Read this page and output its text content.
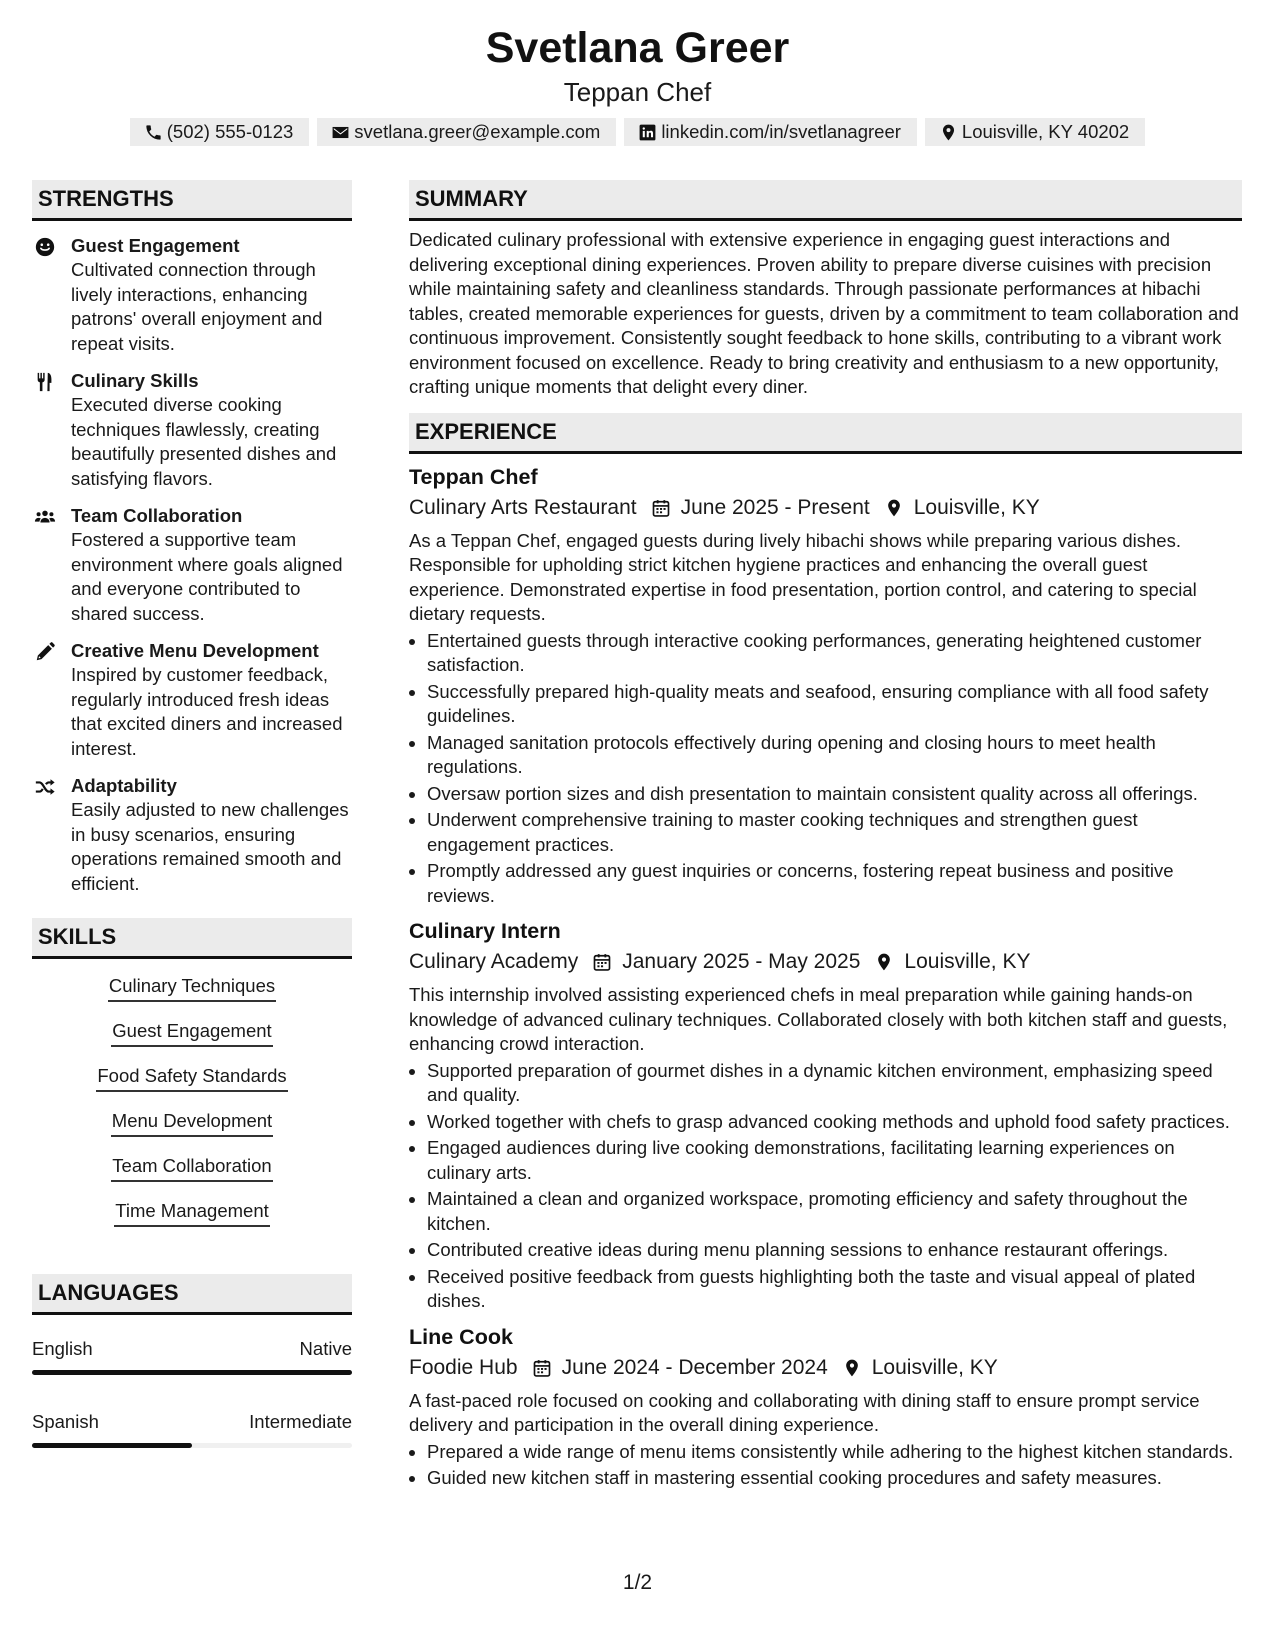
Svetlana Greer
Teppan Chef
(502) 555-0123	svetlana.greer@example.com	linkedin.com/in/svetlanagreer	Louisville, KY 40202
STRENGTHS
Guest Engagement
Cultivated connection through lively interactions, enhancing patrons' overall enjoyment and repeat visits.
Culinary Skills
Executed diverse cooking techniques flawlessly, creating beautifully presented dishes and satisfying flavors.
Team Collaboration
Fostered a supportive team environment where goals aligned and everyone contributed to shared success.
Creative Menu Development
Inspired by customer feedback, regularly introduced fresh ideas that excited diners and increased interest.
Adaptability
Easily adjusted to new challenges in busy scenarios, ensuring operations remained smooth and efficient.
SKILLS
Culinary Techniques
Guest Engagement
Food Safety Standards
Menu Development
Team Collaboration
Time Management
LANGUAGES
English	Native
Spanish	Intermediate
SUMMARY
Dedicated culinary professional with extensive experience in engaging guest interactions and delivering exceptional dining experiences. Proven ability to prepare diverse cuisines with precision while maintaining safety and cleanliness standards. Through passionate performances at hibachi tables, created memorable experiences for guests, driven by a commitment to team collaboration and continuous improvement. Consistently sought feedback to hone skills, contributing to a vibrant work environment focused on excellence. Ready to bring creativity and enthusiasm to a new opportunity, crafting unique moments that delight every diner.
EXPERIENCE
Teppan Chef
Culinary Arts Restaurant June 2025 - Present Louisville, KY
As a Teppan Chef, engaged guests during lively hibachi shows while preparing various dishes. Responsible for upholding strict kitchen hygiene practices and enhancing the overall guest experience. Demonstrated expertise in food presentation, portion control, and catering to special dietary requests.
• Entertained guests through interactive cooking performances, generating heightened customer satisfaction.
• Successfully prepared high-quality meats and seafood, ensuring compliance with all food safety guidelines.
• Managed sanitation protocols effectively during opening and closing hours to meet health regulations.
• Oversaw portion sizes and dish presentation to maintain consistent quality across all offerings.
• Underwent comprehensive training to master cooking techniques and strengthen guest engagement practices.
• Promptly addressed any guest inquiries or concerns, fostering repeat business and positive reviews.
Culinary Intern
Culinary Academy January 2025 - May 2025 Louisville, KY
This internship involved assisting experienced chefs in meal preparation while gaining hands-on knowledge of advanced culinary techniques. Collaborated closely with both kitchen staff and guests, enhancing crowd interaction.
• Supported preparation of gourmet dishes in a dynamic kitchen environment, emphasizing speed and quality.
• Worked together with chefs to grasp advanced cooking methods and uphold food safety practices.
• Engaged audiences during live cooking demonstrations, facilitating learning experiences on culinary arts.
• Maintained a clean and organized workspace, promoting efficiency and safety throughout the kitchen.
• Contributed creative ideas during menu planning sessions to enhance restaurant offerings.
• Received positive feedback from guests highlighting both the taste and visual appeal of plated dishes.
Line Cook
Foodie Hub June 2024 - December 2024 Louisville, KY
A fast-paced role focused on cooking and collaborating with dining staff to ensure prompt service delivery and participation in the overall dining experience.
• Prepared a wide range of menu items consistently while adhering to the highest kitchen standards.
• Guided new kitchen staff in mastering essential cooking procedures and safety measures.
1/2
